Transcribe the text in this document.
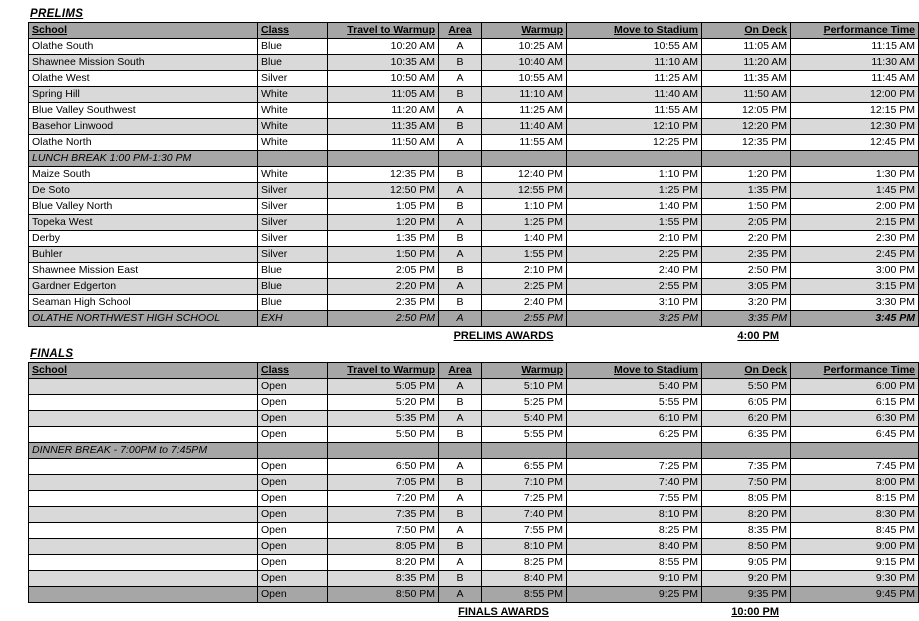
PRELIMS
School	Class	Travel to Warmup	Area	Warmup	Move to Stadium	On Deck	Performance Time
Olathe South	Blue	10:20 AM	A	10:25 AM	10:55 AM	11:05 AM	11:15 AM
Shawnee Mission South	Blue	10:35 AM	B	10:40 AM	11:10 AM	11:20 AM	11:30 AM
Olathe West	Silver	10:50 AM	A	10:55 AM	11:25 AM	11:35 AM	11:45 AM
Spring Hill	White	11:05 AM	B	11:10 AM	11:40 AM	11:50 AM	12:00 PM
Blue Valley Southwest	White	11:20 AM	A	11:25 AM	11:55 AM	12:05 PM	12:15 PM
Basehor Linwood	White	11:35 AM	B	11:40 AM	12:10 PM	12:20 PM	12:30 PM
Olathe North	White	11:50 AM	A	11:55 AM	12:25 PM	12:35 PM	12:45 PM
LUNCH BREAK 1:00 PM-1:30 PM							
Maize South	White	12:35 PM	B	12:40 PM	1:10 PM	1:20 PM	1:30 PM
De Soto	Silver	12:50 PM	A	12:55 PM	1:25 PM	1:35 PM	1:45 PM
Blue Valley North	Silver	1:05 PM	B	1:10 PM	1:40 PM	1:50 PM	2:00 PM
Topeka West	Silver	1:20 PM	A	1:25 PM	1:55 PM	2:05 PM	2:15 PM
Derby	Silver	1:35 PM	B	1:40 PM	2:10 PM	2:20 PM	2:30 PM
Buhler	Silver	1:50 PM	A	1:55 PM	2:25 PM	2:35 PM	2:45 PM
Shawnee Mission East	Blue	2:05 PM	B	2:10 PM	2:40 PM	2:50 PM	3:00 PM
Gardner Edgerton	Blue	2:20 PM	A	2:25 PM	2:55 PM	3:05 PM	3:15 PM
Seaman High School	Blue	2:35 PM	B	2:40 PM	3:10 PM	3:20 PM	3:30 PM
OLATHE NORTHWEST HIGH SCHOOL	EXH	2:50 PM	A	2:55 PM	3:25 PM	3:35 PM	3:45 PM
PRELIMS AWARDS	4:00 PM
FINALS
School	Class	Travel to Warmup	Area	Warmup	Move to Stadium	On Deck	Performance Time
	Open	5:05 PM	A	5:10 PM	5:40 PM	5:50 PM	6:00 PM
	Open	5:20 PM	B	5:25 PM	5:55 PM	6:05 PM	6:15 PM
	Open	5:35 PM	A	5:40 PM	6:10 PM	6:20 PM	6:30 PM
	Open	5:50 PM	B	5:55 PM	6:25 PM	6:35 PM	6:45 PM
DINNER BREAK - 7:00PM to 7:45PM							
	Open	6:50 PM	A	6:55 PM	7:25 PM	7:35 PM	7:45 PM
	Open	7:05 PM	B	7:10 PM	7:40 PM	7:50 PM	8:00 PM
	Open	7:20 PM	A	7:25 PM	7:55 PM	8:05 PM	8:15 PM
	Open	7:35 PM	B	7:40 PM	8:10 PM	8:20 PM	8:30 PM
	Open	7:50 PM	A	7:55 PM	8:25 PM	8:35 PM	8:45 PM
	Open	8:05 PM	B	8:10 PM	8:40 PM	8:50 PM	9:00 PM
	Open	8:20 PM	A	8:25 PM	8:55 PM	9:05 PM	9:15 PM
	Open	8:35 PM	B	8:40 PM	9:10 PM	9:20 PM	9:30 PM
	Open	8:50 PM	A	8:55 PM	9:25 PM	9:35 PM	9:45 PM
FINALS AWARDS	10:00 PM
